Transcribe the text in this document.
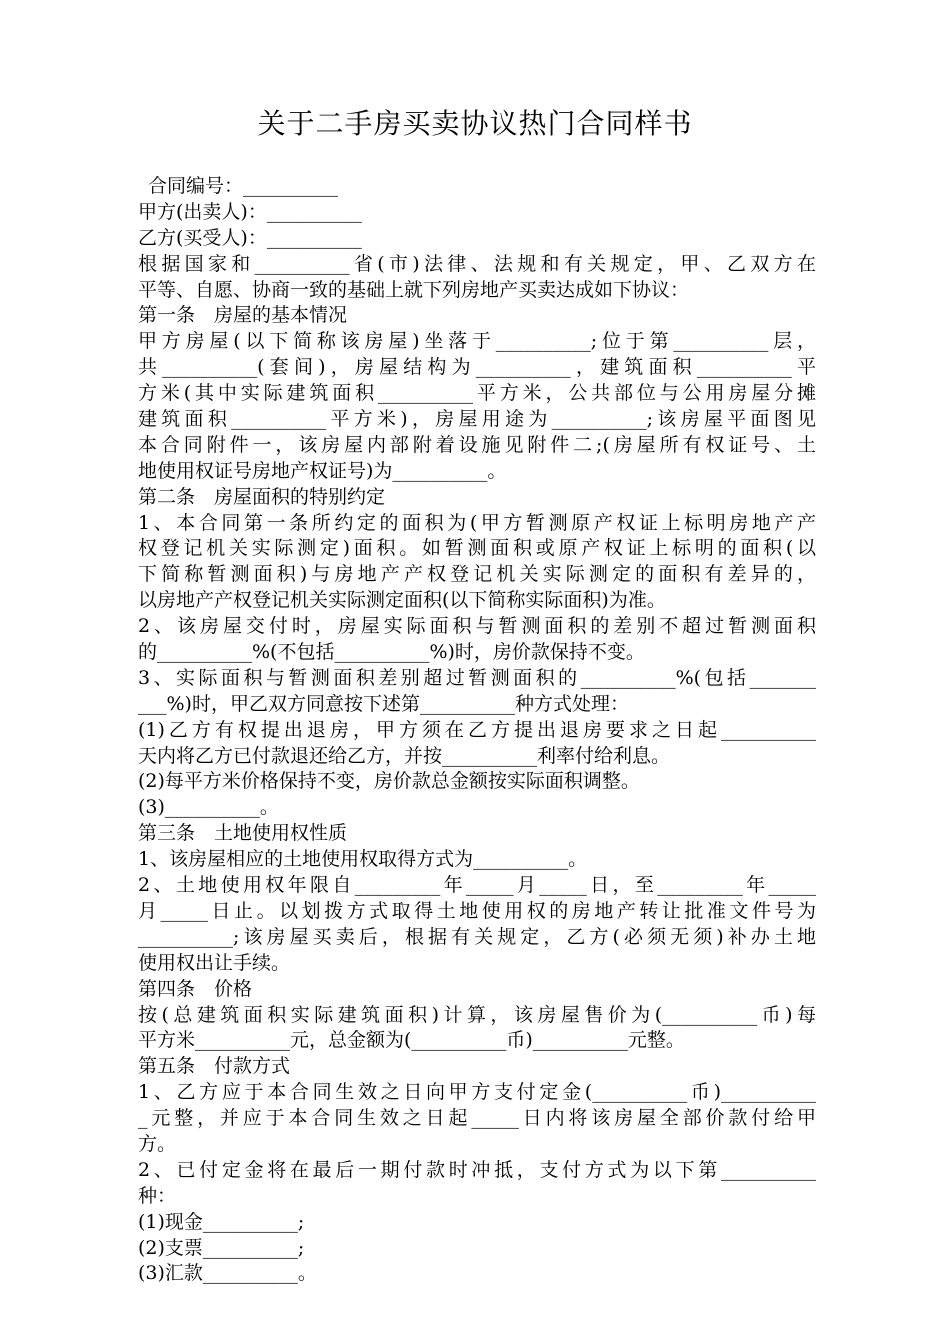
关于二手房买卖协议热门合同样书
合同编号：__________
甲方(出卖人)：__________
乙方(买受人)：__________
根据国家和__________省(市)法律、法规和有关规定，甲、乙双方在
平等、自愿、协商一致的基础上就下列房地产买卖达成如下协议：
第一条　房屋的基本情况
甲方房屋(以下简称该房屋)坐落于__________;位于第__________层，
共__________(套间)，房屋结构为__________，建筑面积__________平
方米(其中实际建筑面积__________平方米，公共部位与公用房屋分摊
建筑面积__________平方米)，房屋用途为__________;该房屋平面图见
本合同附件一，该房屋内部附着设施见附件二;(房屋所有权证号、土
地使用权证号房地产权证号)为__________。
第二条　房屋面积的特别约定
1、本合同第一条所约定的面积为(甲方暂测原产权证上标明房地产产
权登记机关实际测定)面积。如暂测面积或原产权证上标明的面积(以
下简称暂测面积)与房地产产权登记机关实际测定的面积有差异的，
以房地产产权登记机关实际测定面积(以下简称实际面积)为准。
2、该房屋交付时，房屋实际面积与暂测面积的差别不超过暂测面积
的__________%(不包括__________%)时，房价款保持不变。
3、实际面积与暂测面积差别超过暂测面积的__________%(包括_______
___%)时，甲乙双方同意按下述第__________种方式处理：
(1)乙方有权提出退房，甲方须在乙方提出退房要求之日起__________
天内将乙方已付款退还给乙方，并按__________利率付给利息。
(2)每平方米价格保持不变，房价款总金额按实际面积调整。
(3)__________。
第三条　土地使用权性质
1、该房屋相应的土地使用权取得方式为__________。
2、土地使用权年限自_________年_____月_____日，至_________年_____
月_____日止。以划拨方式取得土地使用权的房地产转让批准文件号为
__________;该房屋买卖后，根据有关规定，乙方(必须无须)补办土地
使用权出让手续。
第四条　价格
按(总建筑面积实际建筑面积)计算，该房屋售价为(__________币)每
平方米__________元，总金额为(__________币)__________元整。
第五条　付款方式
1、乙方应于本合同生效之日向甲方支付定金(__________币)__________
_元整，并应于本合同生效之日起_____日内将该房屋全部价款付给甲
方。
2、已付定金将在最后一期付款时冲抵，支付方式为以下第__________
种：
(1)现金__________;
(2)支票__________;
(3)汇款__________。
